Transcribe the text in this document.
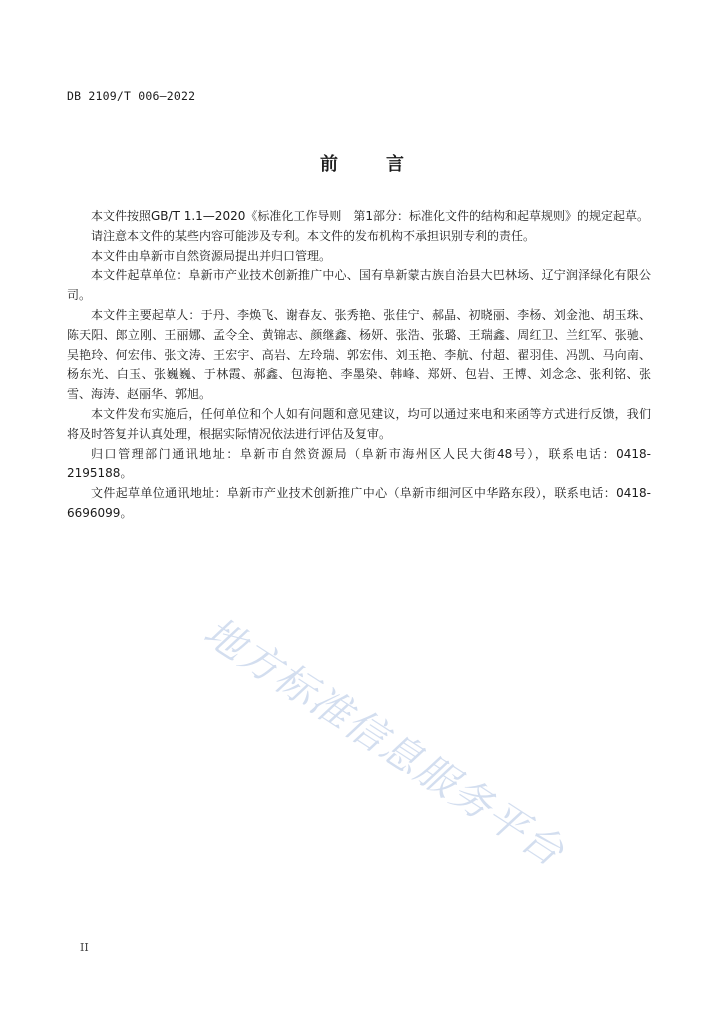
DB 2109/T 006—2022
前	言

本文件按照GB/T 1.1—2020《标准化工作导则　第1部分：标准化文件的结构和起草规则》的规定起草。

请注意本文件的某些内容可能涉及专利。本文件的发布机构不承担识别专利的责任。

本文件由阜新市自然资源局提出并归口管理。

本文件起草单位：阜新市产业技术创新推广中心、国有阜新蒙古族自治县大巴林场、辽宁润泽绿化有限公司。

本文件主要起草人：于丹、李焕飞、谢春友、张秀艳、张佳宁、郝晶、初晓丽、李杨、刘金池、胡玉珠、陈天阳、郎立刚、王丽娜、孟令全、黄锦志、颜继鑫、杨妍、张浩、张璐、王瑞鑫、周红卫、兰红军、张驰、吴艳玲、何宏伟、张文涛、王宏宇、高岩、左玲瑞、郭宏伟、刘玉艳、李航、付超、翟羽佳、冯凯、马向南、杨东光、白玉、张巍巍、于林霞、郝鑫、包海艳、李墨染、韩峰、郑妍、包岩、王博、刘念念、张利铭、张雪、海涛、赵丽华、郭旭。

本文件发布实施后，任何单位和个人如有问题和意见建议，均可以通过来电和来函等方式进行反馈，我们将及时答复并认真处理，根据实际情况依法进行评估及复审。

归口管理部门通讯地址：阜新市自然资源局（阜新市海州区人民大街48号），联系电话：0418-2195188。

文件起草单位通讯地址：阜新市产业技术创新推广中心（阜新市细河区中华路东段），联系电话：0418-6696099。

地方标准信息服务平台
II
